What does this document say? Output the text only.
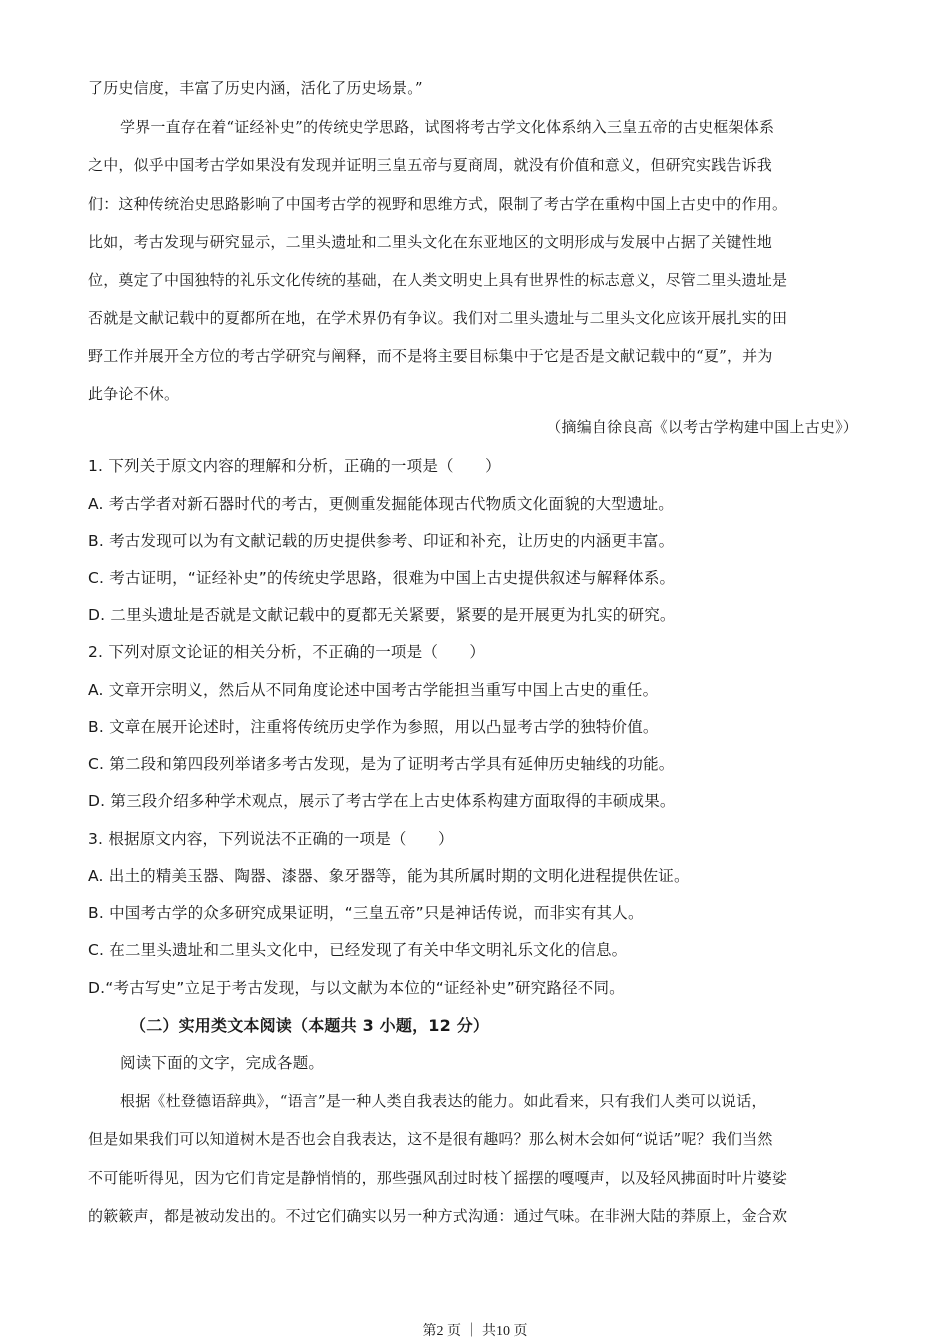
了历史信度，丰富了历史内涵，活化了历史场景。”
学界一直存在着“证经补史”的传统史学思路，试图将考古学文化体系纳入三皇五帝的古史框架体系
之中，似乎中国考古学如果没有发现并证明三皇五帝与夏商周，就没有价值和意义，但研究实践告诉我
们：这种传统治史思路影响了中国考古学的视野和思维方式，限制了考古学在重构中国上古史中的作用。
比如，考古发现与研究显示，二里头遗址和二里头文化在东亚地区的文明形成与发展中占据了关键性地
位，奠定了中国独特的礼乐文化传统的基础，在人类文明史上具有世界性的标志意义，尽管二里头遗址是
否就是文献记载中的夏都所在地，在学术界仍有争议。我们对二里头遗址与二里头文化应该开展扎实的田
野工作并展开全方位的考古学研究与阐释，而不是将主要目标集中于它是否是文献记载中的“夏”，并为
此争论不休。
（摘编自徐良高《以考古学构建中国上古史》）
1. 下列关于原文内容的理解和分析，正确的一项是（　　）
A. 考古学者对新石器时代的考古，更侧重发掘能体现古代物质文化面貌的大型遗址。
B. 考古发现可以为有文献记载的历史提供参考、印证和补充，让历史的内涵更丰富。
C. 考古证明，“证经补史”的传统史学思路，很难为中国上古史提供叙述与解释体系。
D. 二里头遗址是否就是文献记载中的夏都无关紧要，紧要的是开展更为扎实的研究。
2. 下列对原文论证的相关分析，不正确的一项是（　　）
A. 文章开宗明义，然后从不同角度论述中国考古学能担当重写中国上古史的重任。
B. 文章在展开论述时，注重将传统历史学作为参照，用以凸显考古学的独特价值。
C. 第二段和第四段列举诸多考古发现，是为了证明考古学具有延伸历史轴线的功能。
D. 第三段介绍多种学术观点，展示了考古学在上古史体系构建方面取得的丰硕成果。
3. 根据原文内容，下列说法不正确的一项是（　　）
A. 出土的精美玉器、陶器、漆器、象牙器等，能为其所属时期的文明化进程提供佐证。
B. 中国考古学的众多研究成果证明，“三皇五帝”只是神话传说，而非实有其人。
C. 在二里头遗址和二里头文化中，已经发现了有关中华文明礼乐文化的信息。
D.“考古写史”立足于考古发现，与以文献为本位的“证经补史”研究路径不同。
（二）实用类文本阅读（本题共 3 小题，12 分）
阅读下面的文字，完成各题。
根据《杜登德语辞典》，“语言”是一种人类自我表达的能力。如此看来，只有我们人类可以说话，
但是如果我们可以知道树木是否也会自我表达，这不是很有趣吗？那么树木会如何“说话”呢？我们当然
不可能听得见，因为它们肯定是静悄悄的，那些强风刮过时枝丫摇摆的嘎嘎声，以及轻风拂面时叶片婆娑
的簌簌声，都是被动发出的。不过它们确实以另一种方式沟通：通过气味。在非洲大陆的莽原上，金合欢
第2 页 ｜ 共10 页
